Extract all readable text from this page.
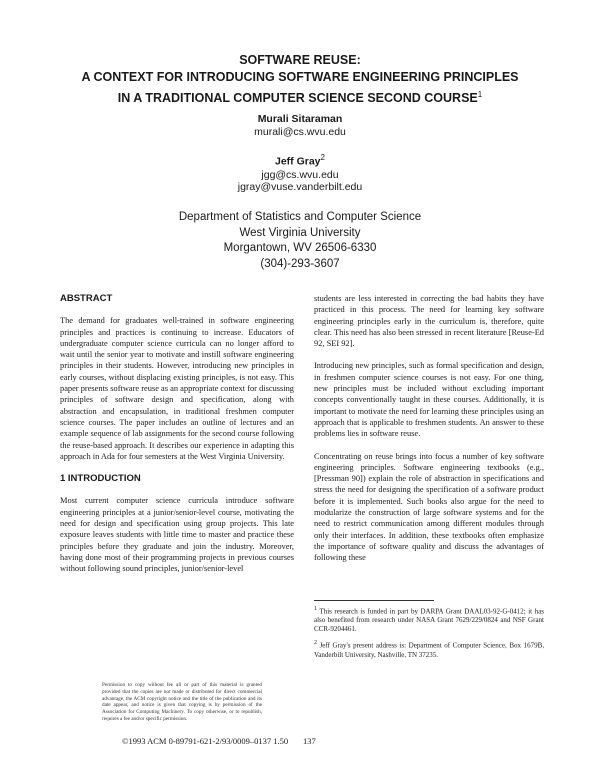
SOFTWARE REUSE:
A CONTEXT FOR INTRODUCING SOFTWARE ENGINEERING PRINCIPLES
IN A TRADITIONAL COMPUTER SCIENCE SECOND COURSE$^1$
Murali Sitaraman
murali@cs.wvu.edu
Jeff Gray$^2$
jgg@cs.wvu.edu
jgray@vuse.vanderbilt.edu
Department of Statistics and Computer Science
West Virginia University
Morgantown, WV 26506-6330
(304)-293-3607
ABSTRACT

The demand for graduates well-trained in software engineering principles and practices is continuing to increase. Educators of undergraduate computer science curricula can no longer afford to wait until the senior year to motivate and instill software engineering principles in their students. However, introducing new principles in early courses, without displacing existing principles, is not easy. This paper presents software reuse as an appropriate context for discussing principles of software design and specification, along with abstraction and encapsulation, in traditional freshmen computer science courses. The paper includes an outline of lectures and an example sequence of lab assignments for the second course following the reuse-based approach. It describes our experience in adapting this approach in Ada for four semesters at the West Virginia University.

1 INTRODUCTION

Most current computer science curricula introduce software engineering principles at a junior/senior-level course, motivating the need for design and specification using group projects. This late exposure leaves students with little time to master and practice these principles before they graduate and join the industry. Moreover, having done most of their programming projects in previous courses without following sound principles, junior/senior-level

students are less interested in correcting the bad habits they have practiced in this process. The need for learning key software engineering principles early in the curriculum is, therefore, quite clear. This need has also been stressed in recent literature [Reuse-Ed 92, SEI 92].

Introducing new principles, such as formal specification and design, in freshmen computer science courses is not easy. For one thing, new principles must be included without excluding important concepts conventionally taught in these courses. Additionally, it is important to motivate the need for learning these principles using an approach that is applicable to freshmen students. An answer to these problems lies in software reuse.

Concentrating on reuse brings into focus a number of key software engineering principles. Software engineering textbooks (e.g., [Pressman 90]) explain the role of abstraction in specifications and stress the need for designing the specification of a software product before it is implemented. Such books also argue for the need to modularize the construction of large software systems and for the need to restrict communication among different modules through only their interfaces. In addition, these textbooks often emphasize the importance of software quality and discuss the advantages of following these

$^1$ This research is funded in part by DARPA Grant DAAL03-92-G-0412; it has also benefited from research under NASA Grant 7629/229/0824 and NSF Grant CCR-9204461.
$^2$ Jeff Gray's present address is: Department of Computer Science, Box 1679B, Vanderbilt University, Nashville, TN 37235.
Permission to copy without fee all or part of this material is granted provided that the copies are not made or distributed for direct commercial advantage, the ACM copyright notice and the title of the publication and its date appear, and notice is given that copying is by permission of the Association for Computing Machinery. To copy otherwise, or to republish, requires a fee and/or specific permission.
©1993 ACM 0-89791-621-2/93/0009–0137 1.50 137
